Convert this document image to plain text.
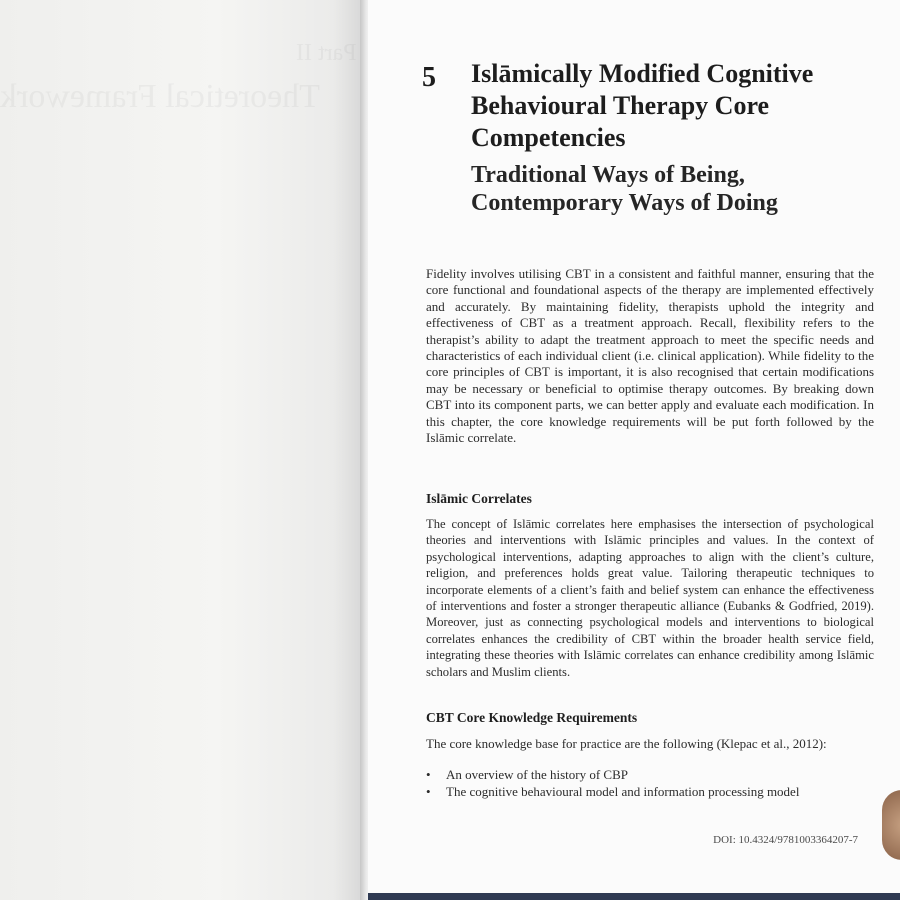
Part II
Theoretical Framework
5 Islāmically Modified Cognitive Behavioural Therapy Core Competencies
Traditional Ways of Being, Contemporary Ways of Doing

Fidelity involves utilising CBT in a consistent and faithful manner, ensuring that the core functional and foundational aspects of the therapy are implemented effectively and accurately. By maintaining fidelity, therapists uphold the integrity and effectiveness of CBT as a treatment approach. Recall, flexibility refers to the therapist’s ability to adapt the treatment approach to meet the specific needs and characteristics of each individual client (i.e. clinical application). While fidelity to the core principles of CBT is important, it is also recognised that certain modifications may be necessary or beneficial to optimise therapy outcomes. By breaking down CBT into its component parts, we can better apply and evaluate each modification. In this chapter, the core knowledge requirements will be put forth followed by the Islāmic correlate.

Islāmic Correlates

The concept of Islāmic correlates here emphasises the intersection of psychological theories and interventions with Islāmic principles and values. In the context of psychological interventions, adapting approaches to align with the client’s culture, religion, and preferences holds great value. Tailoring therapeutic techniques to incorporate elements of a client’s faith and belief system can enhance the effectiveness of interventions and foster a stronger therapeutic alliance (Eubanks & Godfried, 2019). Moreover, just as connecting psychological models and interventions to biological correlates enhances the credibility of CBT within the broader health service field, integrating these theories with Islāmic correlates can enhance credibility among Islāmic scholars and Muslim clients.

CBT Core Knowledge Requirements

The core knowledge base for practice are the following (Klepac et al., 2012):

• An overview of the history of CBP
• The cognitive behavioural model and information processing model
DOI: 10.4324/9781003364207-7
